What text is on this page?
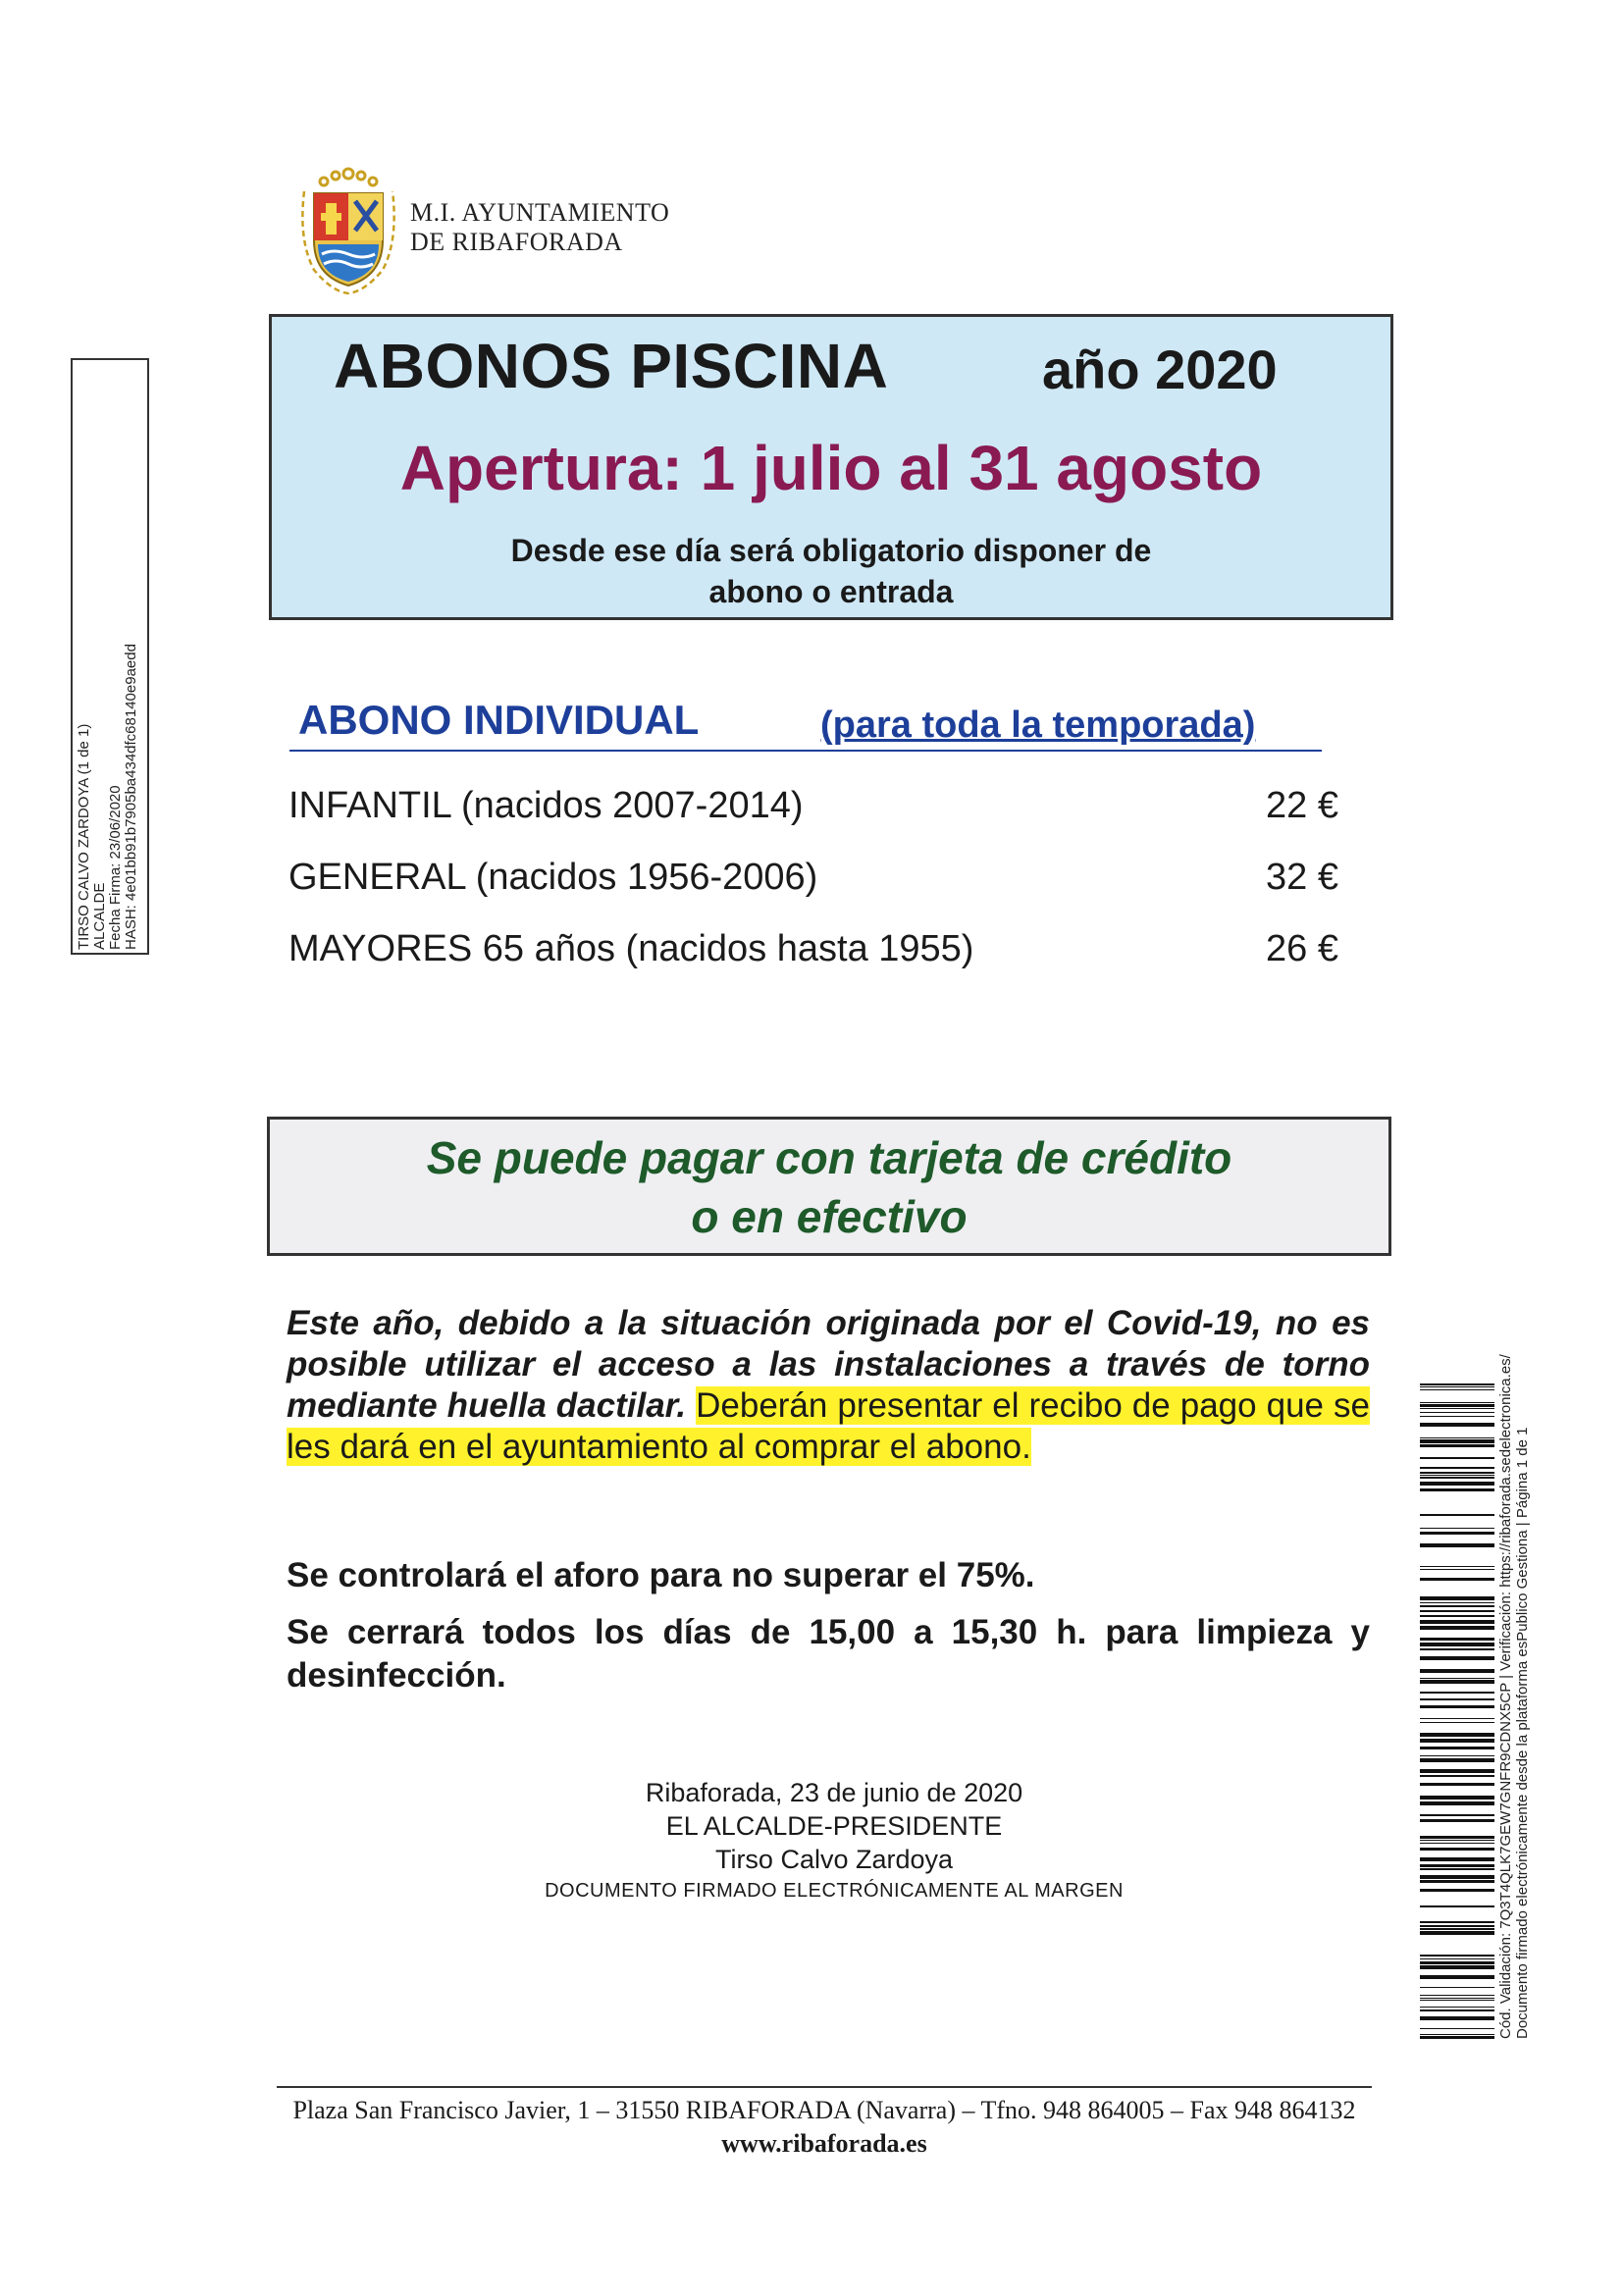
M.I. AYUNTAMIENTO
DE RIBAFORADA
TIRSO CALVO ZARDOYA (1 de 1) ALCALDE Fecha Firma: 23/06/2020 HASH: 4e01bb91b7905ba434dfc68140e9aedd
ABONOS PISCINA	año 2020
Apertura: 1 julio al 31 agosto
Desde ese día será obligatorio disponer de
abono o entrada
ABONO INDIVIDUAL	(para toda la temporada)
INFANTIL (nacidos 2007-2014)	22 €
GENERAL (nacidos 1956-2006)	32 €
MAYORES 65 años (nacidos hasta 1955)	26 €
Se puede pagar con tarjeta de crédito
o en efectivo
Este año, debido a la situación originada por el Covid-19, no es posible utilizar el acceso a las instalaciones a través de torno mediante huella dactilar. Deberán presentar el recibo de pago que se les dará en el ayuntamiento al comprar el abono.
Se controlará el aforo para no superar el 75%.
Se cerrará todos los días de 15,00 a 15,30 h. para limpieza y desinfección.
Ribaforada, 23 de junio de 2020
EL ALCALDE-PRESIDENTE
Tirso Calvo Zardoya
DOCUMENTO FIRMADO ELECTRÓNICAMENTE AL MARGEN
Plaza San Francisco Javier, 1 – 31550 RIBAFORADA (Navarra) – Tfno. 948 864005 – Fax 948 864132
www.ribaforada.es
Cód. Validación: 7Q3T4QLK7GEW7GNFR9CDNX5CP | Verificación: https://ribaforada.sedelectronica.es/ Documento firmado electrónicamente desde la plataforma esPublico Gestiona | Página 1 de 1
